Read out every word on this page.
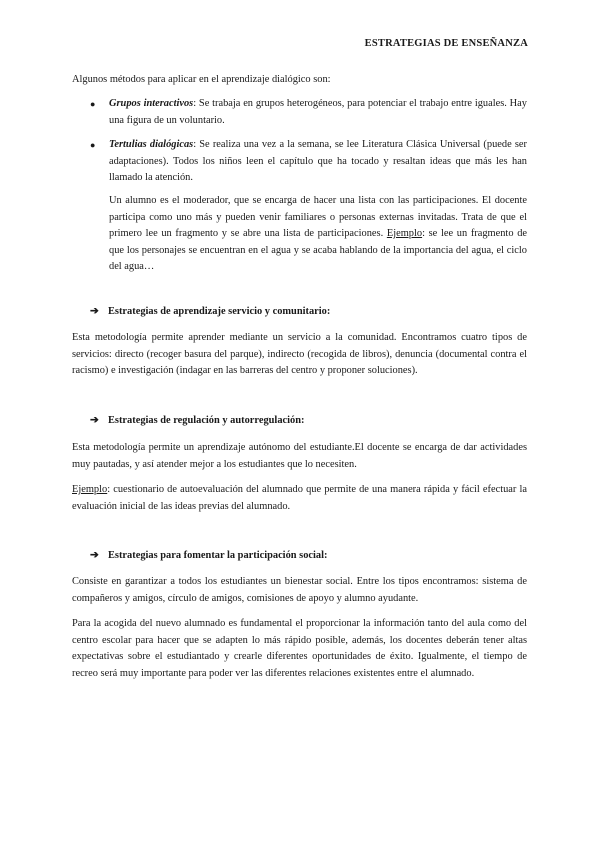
ESTRATEGIAS DE ENSEÑANZA

Algunos métodos para aplicar en el aprendizaje dialógico son:

● Grupos interactivos: Se trabaja en grupos heterogéneos, para potenciar el trabajo entre iguales. Hay una figura de un voluntario.

● Tertulias dialógicas: Se realiza una vez a la semana, se lee Literatura Clásica Universal (puede ser adaptaciones). Todos los niños leen el capítulo que ha tocado y resaltan ideas que más les han llamado la atención.

Un alumno es el moderador, que se encarga de hacer una lista con las participaciones. El docente participa como uno más y pueden venir familiares o personas externas invitadas. Trata de que el primero lee un fragmento y se abre una lista de participaciones. Ejemplo: se lee un fragmento de que los personajes se encuentran en el agua y se acaba hablando de la importancia del agua, el ciclo del agua…

➔ Estrategias de aprendizaje servicio y comunitario:

Esta metodología permite aprender mediante un servicio a la comunidad. Encontramos cuatro tipos de servicios: directo (recoger basura del parque), indirecto (recogida de libros), denuncia (documental contra el racismo) e investigación (indagar en las barreras del centro y proponer soluciones).

➔ Estrategias de regulación y autorregulación:

Esta metodología permite un aprendizaje autónomo del estudiante.El docente se encarga de dar actividades muy pautadas, y así atender mejor a los estudiantes que lo necesiten.

Ejemplo: cuestionario de autoevaluación del alumnado que permite de una manera rápida y fácil efectuar la evaluación inicial de las ideas previas del alumnado.

➔ Estrategias para fomentar la participación social:

Consiste en garantizar a todos los estudiantes un bienestar social. Entre los tipos encontramos: sistema de compañeros y amigos, círculo de amigos, comisiones de apoyo y alumno ayudante.

Para la acogida del nuevo alumnado es fundamental el proporcionar la información tanto del aula como del centro escolar para hacer que se adapten lo más rápido posible, además, los docentes deberán tener altas expectativas sobre el estudiantado y crearle diferentes oportunidades de éxito. Igualmente, el tiempo de recreo será muy importante para poder ver las diferentes relaciones existentes entre el alumnado.
